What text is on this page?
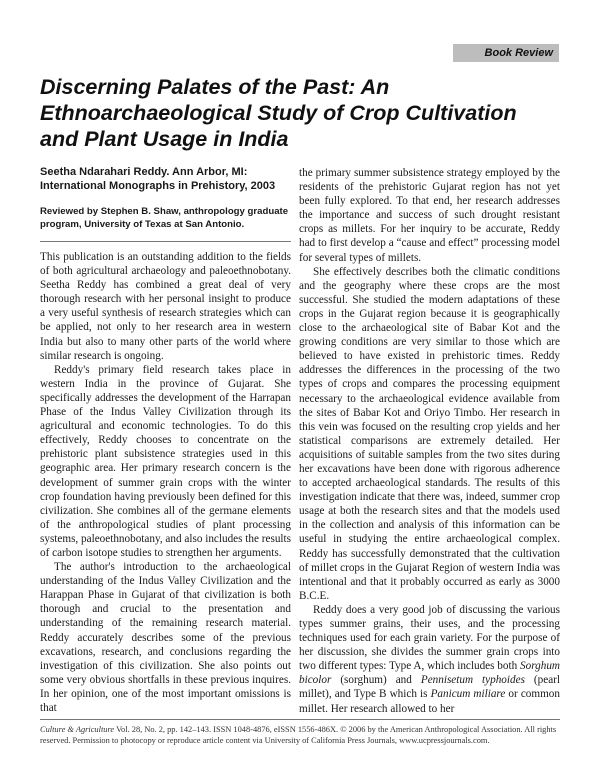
Book Review
Discerning Palates of the Past: An Ethnoarchaeological Study of Crop Cultivation and Plant Usage in India

Seetha Ndarahari Reddy. Ann Arbor, MI: International Monographs in Prehistory, 2003

Reviewed by Stephen B. Shaw, anthropology graduate program, University of Texas at San Antonio.

This publication is an outstanding addition to the fields of both agricultural archaeology and paleoethnobotany. Seetha Reddy has combined a great deal of very thorough research with her personal insight to produce a very useful synthesis of research strategies which can be applied, not only to her research area in western India but also to many other parts of the world where similar research is ongoing.

Reddy's primary field research takes place in western India in the province of Gujarat. She specifically addresses the development of the Harrapan Phase of the Indus Valley Civilization through its agricultural and economic technologies. To do this effectively, Reddy chooses to concentrate on the prehistoric plant subsistence strategies used in this geographic area. Her primary research concern is the development of summer grain crops with the winter crop foundation having previously been defined for this civilization. She combines all of the germane elements of the anthropological studies of plant processing systems, paleoethnobotany, and also includes the results of carbon isotope studies to strengthen her arguments.

The author's introduction to the archaeological understanding of the Indus Valley Civilization and the Harappan Phase in Gujarat of that civilization is both thorough and crucial to the presentation and understanding of the remaining research material. Reddy accurately describes some of the previous excavations, research, and conclusions regarding the investigation of this civilization. She also points out some very obvious shortfalls in these previous inquires. In her opinion, one of the most important omissions is that

the primary summer subsistence strategy employed by the residents of the prehistoric Gujarat region has not yet been fully explored. To that end, her research addresses the importance and success of such drought resistant crops as millets. For her inquiry to be accurate, Reddy had to first develop a “cause and effect” processing model for several types of millets.

She effectively describes both the climatic conditions and the geography where these crops are the most successful. She studied the modern adaptations of these crops in the Gujarat region because it is geographically close to the archaeological site of Babar Kot and the growing conditions are very similar to those which are believed to have existed in prehistoric times. Reddy addresses the differences in the processing of the two types of crops and compares the processing equipment necessary to the archaeological evidence available from the sites of Babar Kot and Oriyo Timbo. Her research in this vein was focused on the resulting crop yields and her statistical comparisons are extremely detailed. Her acquisitions of suitable samples from the two sites during her excavations have been done with rigorous adherence to accepted archaeological standards. The results of this investigation indicate that there was, indeed, summer crop usage at both the research sites and that the models used in the collection and analysis of this information can be useful in studying the entire archaeological complex. Reddy has successfully demonstrated that the cultivation of millet crops in the Gujarat Region of western India was intentional and that it probably occurred as early as 3000 B.C.E.

Reddy does a very good job of discussing the various types summer grains, their uses, and the processing techniques used for each grain variety. For the purpose of her discussion, she divides the summer grain crops into two different types: Type A, which includes both Sorghum bicolor (sorghum) and Pennisetum typhoides (pearl millet), and Type B which is Panicum miliare or common millet. Her research allowed to her

Culture & Agriculture Vol. 28, No. 2, pp. 142–143. ISSN 1048-4876, eISSN 1556-486X. © 2006 by the American Anthropological Association. All rights reserved. Permission to photocopy or reproduce article content via University of California Press Journals, www.ucpressjournals.com.
